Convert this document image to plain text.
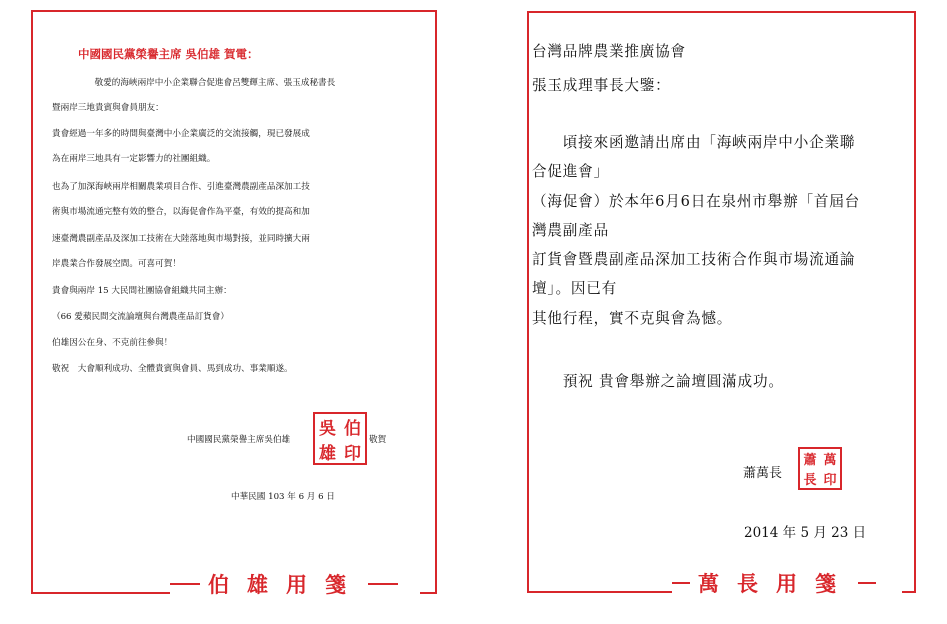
中國國民黨榮譽主席 吳伯雄 賀電：
　敬愛的海峽兩岸中小企業聯合促進會呂雙輝主席、張玉成秘書長
暨兩岸三地貴賓與會員朋友：
貴會經過一年多的時間與臺灣中小企業廣泛的交流接觸，現已發展成
為在兩岸三地具有一定影響力的社團組織。
也為了加深海峽兩岸相關農業項目合作、引進臺灣農副產品深加工技
術與市場流通完整有效的整合，以海促會作為平臺，有效的提高和加
速臺灣農副產品及深加工技術在大陸落地與市場對接，並同時擴大兩
岸農業合作發展空間。可喜可賀！
貴會與兩岸 15 大民間社團協會組織共同主辦：
（66 愛蘋民間交流論壇與台灣農產品訂貨會）
伯雄因公在身、不克前往參與！
敬祝　大會順利成功、全體貴賓與會員、馬到成功、事業順遂。
中國國民黨榮譽主席吳伯雄
吳 伯
雄 印
敬賀
中華民國 103 年 6 月 6 日
伯雄用箋
台灣品牌農業推廣協會
張玉成理事長大鑒：
　　頃接來函邀請出席由「海峽兩岸中小企業聯
合促進會」
（海促會）於本年6月6日在泉州市舉辦「首屆台
灣農副產品
訂貨會暨農副產品深加工技術合作與市場流通論
壇」。因已有
其他行程，實不克與會為憾。
　　預祝 貴會舉辦之論壇圓滿成功。
蕭萬長
蕭 萬
長 印
2014 年 5 月 23 日
萬長用箋
